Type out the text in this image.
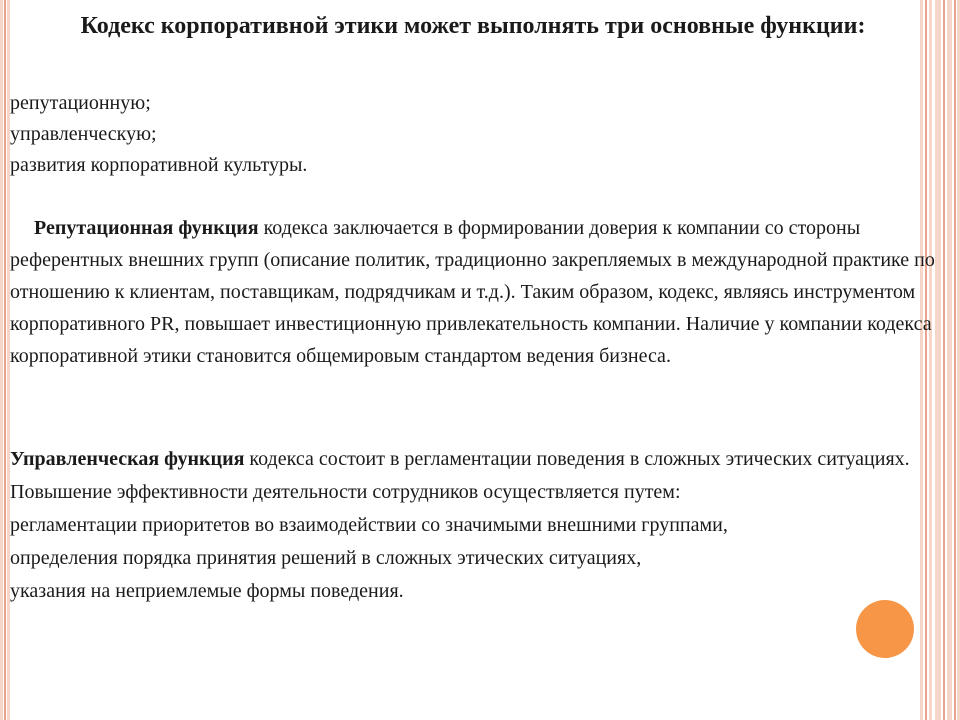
Кодекс корпоративной этики может выполнять три основные функции:
репутационную;
управленческую;
развития корпоративной культуры.

Репутационная функция кодекса заключается в формировании доверия к компании со стороны референтных внешних групп (описание политик, традиционно закрепляемых в международной практике по отношению к клиентам, поставщикам, подрядчикам и т.д.). Таким образом, кодекс, являясь инструментом корпоративного PR, повышает инвестиционную привлекательность компании. Наличие у компании кодекса корпоративной этики становится общемировым стандартом ведения бизнеса.

Управленческая функция кодекса состоит в регламентации поведения в сложных этических ситуациях. Повышение эффективности деятельности сотрудников осуществляется путем:
регламентации приоритетов во взаимодействии со значимыми внешними группами,
определения порядка принятия решений в сложных этических ситуациях,
указания на неприемлемые формы поведения.
